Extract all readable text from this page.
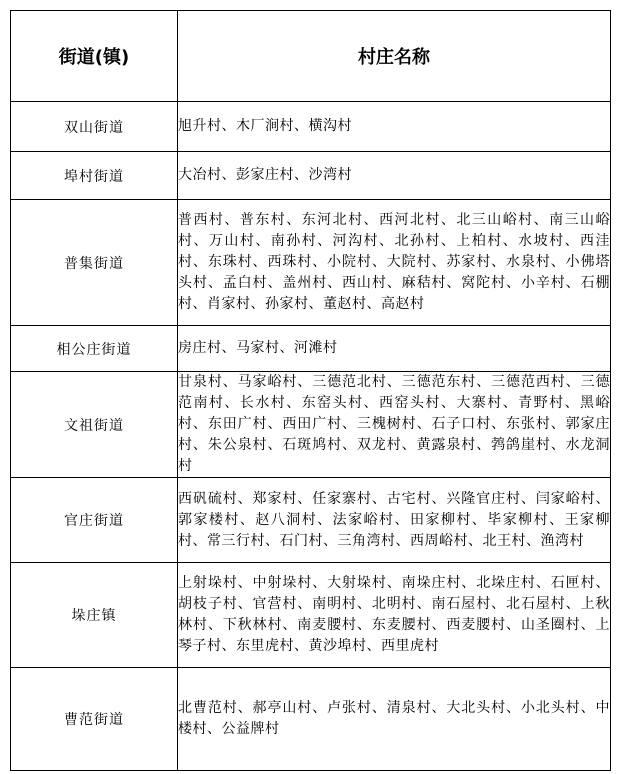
街道(镇)	村庄名称
双山街道	旭升村、木厂涧村、横沟村
埠村街道	大冶村、彭家庄村、沙湾村
普集街道	普西村、普东村、东河北村、西河北村、北三山峪村、南三山峪村、万山村、南孙村、河沟村、北孙村、上柏村、水坡村、西洼村、东珠村、西珠村、小院村、大院村、苏家村、水泉村、小佛塔头村、孟白村、盖州村、西山村、麻秸村、窝陀村、小辛村、石棚村、肖家村、孙家村、董赵村、高赵村
相公庄街道	房庄村、马家村、河滩村
文祖街道	甘泉村、马家峪村、三德范北村、三德范东村、三德范西村、三德范南村、长水村、东窑头村、西窑头村、大寨村、青野村、黑峪村、东田广村、西田广村、三槐树村、石子口村、东张村、郭家庄村、朱公泉村、石斑鸠村、双龙村、黄露泉村、鹁鸽崖村、水龙洞村
官庄街道	西矾硫村、郑家村、任家寨村、古宅村、兴隆官庄村、闫家峪村、郭家楼村、赵八洞村、法家峪村、田家柳村、毕家柳村、王家柳村、常三行村、石门村、三角湾村、西周峪村、北王村、渔湾村
垛庄镇	上射垛村、中射垛村、大射垛村、南垛庄村、北垛庄村、石匣村、胡枝子村、官营村、南明村、北明村、南石屋村、北石屋村、上秋林村、下秋林村、南麦腰村、东麦腰村、西麦腰村、山圣圈村、上琴子村、东里虎村、黄沙埠村、西里虎村
曹范街道	北曹范村、郝亭山村、卢张村、清泉村、大北头村、小北头村、中楼村、公益牌村
